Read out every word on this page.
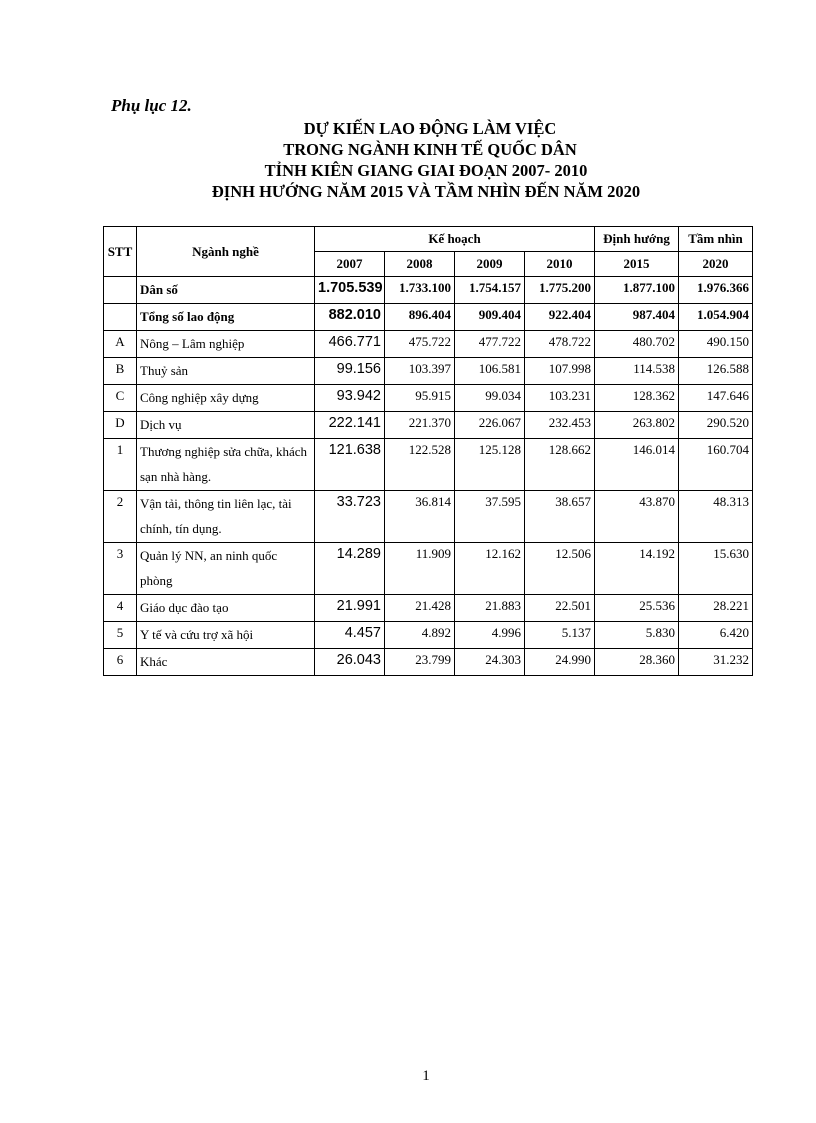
Phụ lục 12.
DỰ KIẾN LAO ĐỘNG LÀM VIỆC
TRONG NGÀNH KINH TẾ QUỐC DÂN
TỈNH KIÊN GIANG GIAI ĐOẠN 2007- 2010
ĐỊNH HƯỚNG NĂM 2015 VÀ TẦM NHÌN ĐẾN NĂM 2020
STT	Ngành nghề	Kế hoạch				Định hướng	Tầm nhìn
		2007	2008	2009	2010	2015	2020
	Dân số	1.705.539	1.733.100	1.754.157	1.775.200	1.877.100	1.976.366
	Tổng số lao động	882.010	896.404	909.404	922.404	987.404	1.054.904
A	Nông – Lâm nghiệp	466.771	475.722	477.722	478.722	480.702	490.150
B	Thuỷ sản	99.156	103.397	106.581	107.998	114.538	126.588
C	Công nghiệp xây dựng	93.942	95.915	99.034	103.231	128.362	147.646
D	Dịch vụ	222.141	221.370	226.067	232.453	263.802	290.520
1	Thương nghiệp sửa chữa, khách sạn nhà hàng.	121.638	122.528	125.128	128.662	146.014	160.704
2	Vận tải, thông tin liên lạc, tài chính, tín dụng.	33.723	36.814	37.595	38.657	43.870	48.313
3	Quản lý NN, an ninh quốc phòng	14.289	11.909	12.162	12.506	14.192	15.630
4	Giáo dục đào tạo	21.991	21.428	21.883	22.501	25.536	28.221
5	Y tế và cứu trợ xã hội	4.457	4.892	4.996	5.137	5.830	6.420
6	Khác	26.043	23.799	24.303	24.990	28.360	31.232
1
